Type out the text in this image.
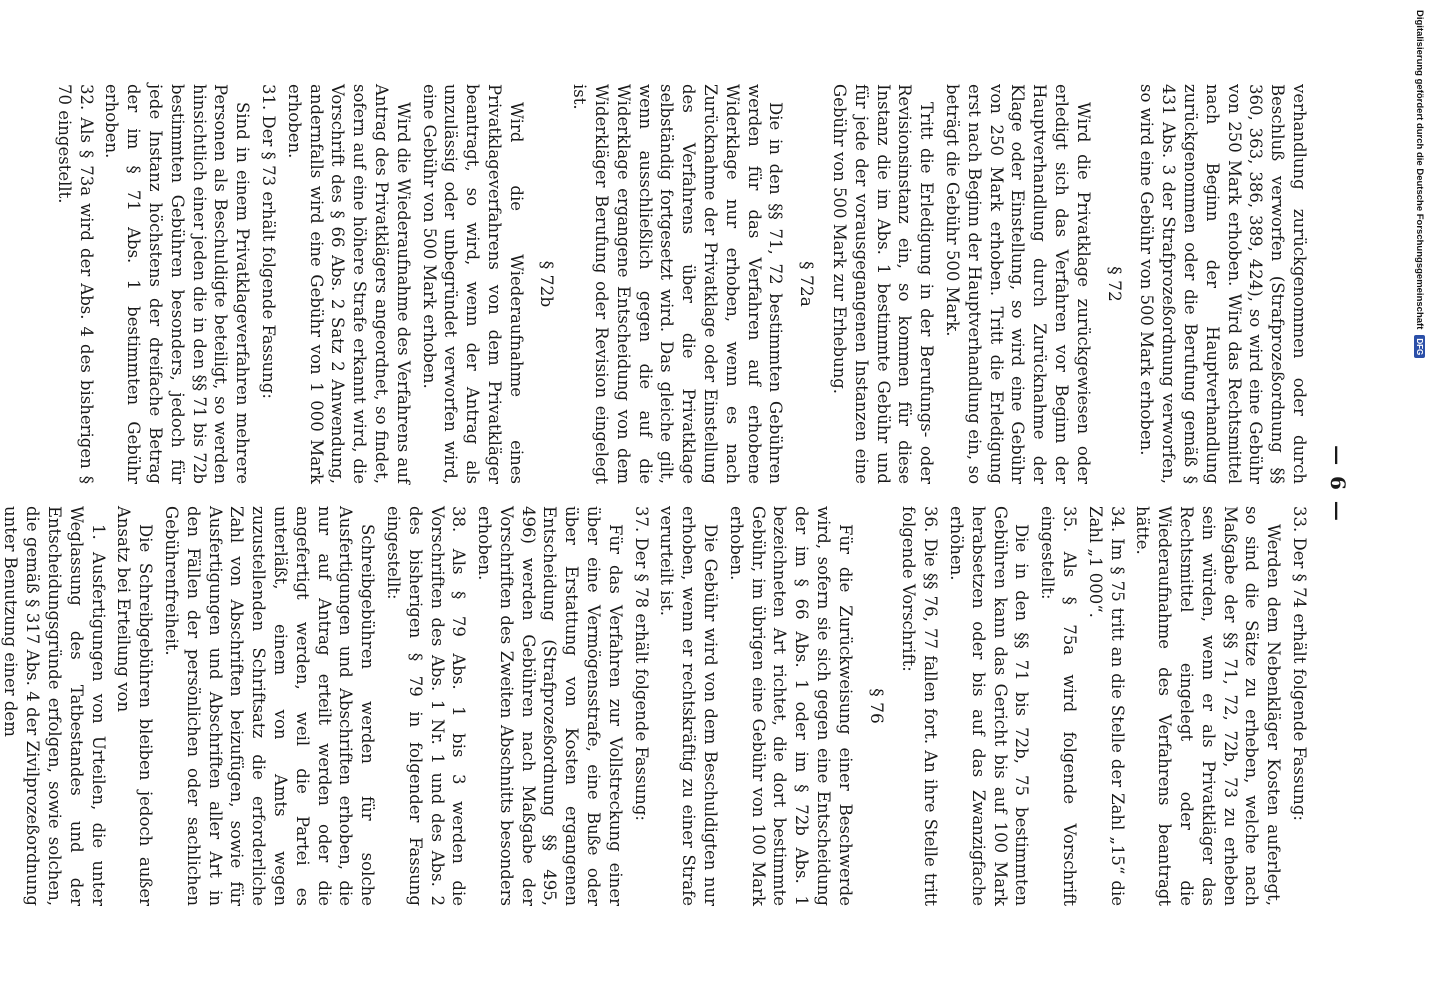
— 6 —

verhandlung zurückgenommen oder durch Beschluß verworfen (Strafprozeßordnung §§ 360, 363, 386, 389, 424), so wird eine Gebühr von 250 Mark erhoben. Wird das Rechtsmittel nach Beginn der Hauptverhandlung zurückgenommen oder die Berufung gemäß § 431 Abs. 3 der Strafprozeßordnung verworfen, so wird eine Gebühr von 500 Mark erhoben.

§ 72

Wird die Privatklage zurückgewiesen oder erledigt sich das Verfahren vor Beginn der Hauptverhandlung durch Zurücknahme der Klage oder Einstellung, so wird eine Gebühr von 250 Mark erhoben. Tritt die Erledigung erst nach Beginn der Hauptverhandlung ein, so beträgt die Gebühr 500 Mark.

Tritt die Erledigung in der Berufungs- oder Revisionsinstanz ein, so kommen für diese Instanz die im Abs. 1 bestimmte Gebühr und für jede der vorausgegangenen Instanzen eine Gebühr von 500 Mark zur Erhebung.

§ 72a

Die in den §§ 71, 72 bestimmten Gebühren werden für das Verfahren auf erhobene Widerklage nur erhoben, wenn es nach Zurücknahme der Privatklage oder Einstellung des Verfahrens über die Privatklage selbständig fortgesetzt wird. Das gleiche gilt, wenn ausschließlich gegen die auf die Widerklage ergangene Entscheidung von dem Widerkläger Berufung oder Revision eingelegt ist.

§ 72b

Wird die Wiederaufnahme eines Privatklageverfahrens von dem Privatkläger beantragt, so wird, wenn der Antrag als unzulässig oder unbegründet verworfen wird, eine Gebühr von 500 Mark erhoben.

Wird die Wiederaufnahme des Verfahrens auf Antrag des Privatklägers angeordnet, so findet, sofern auf eine höhere Strafe erkannt wird, die Vorschrift des § 66 Abs. 2 Satz 2 Anwendung, andernfalls wird eine Gebühr von 1 000 Mark erhoben.

31. Der § 73 erhält folgende Fassung:

Sind in einem Privatklageverfahren mehrere Personen als Beschuldigte beteiligt, so werden hinsichtlich einer jeden die in den §§ 71 bis 72b bestimmten Gebühren besonders, jedoch für jede Instanz höchstens der dreifache Betrag der im § 71 Abs. 1 bestimmten Gebühr erhoben.

32. Als § 73a wird der Abs. 4 des bisherigen § 70 eingestellt.

33. Der § 74 erhält folgende Fassung:

Werden dem Nebenkläger Kosten auferlegt, so sind die Sätze zu erheben, welche nach Maßgabe der §§ 71, 72, 72b, 73 zu erheben sein würden, wenn er als Privatkläger das Rechtsmittel eingelegt oder die Wiederaufnahme des Verfahrens beantragt hätte.

34. Im § 75 tritt an die Stelle der Zahl „15“ die Zahl „1 000“.

35. Als § 75a wird folgende Vorschrift eingestellt:

Die in den §§ 71 bis 72b, 75 bestimmten Gebühren kann das Gericht bis auf 100 Mark herabsetzen oder bis auf das Zwanzigfache erhöhen.

36. Die §§ 76, 77 fallen fort. An ihre Stelle tritt folgende Vorschrift:

§ 76

Für die Zurückweisung einer Beschwerde wird, sofern sie sich gegen eine Entscheidung der im § 66 Abs. 1 oder im § 72b Abs. 1 bezeichneten Art richtet, die dort bestimmte Gebühr, im übrigen eine Gebühr von 100 Mark erhoben.

Die Gebühr wird von dem Beschuldigten nur erhoben, wenn er rechtskräftig zu einer Strafe verurteilt ist.

37. Der § 78 erhält folgende Fassung:

Für das Verfahren zur Vollstreckung einer über eine Vermögensstrafe, eine Buße oder über Erstattung von Kosten ergangenen Entscheidung (Strafprozeßordnung §§ 495, 496) werden Gebühren nach Maßgabe der Vorschriften des Zweiten Abschnitts besonders erhoben.

38. Als § 79 Abs. 1 bis 3 werden die Vorschriften des Abs. 1 Nr. 1 und des Abs. 2 des bisherigen § 79 in folgender Fassung eingestellt:

Schreibgebühren werden für solche Ausfertigungen und Abschriften erhoben, die nur auf Antrag erteilt werden oder die angefertigt werden, weil die Partei es unterläßt, einem von Amts wegen zuzustellenden Schriftsatz die erforderliche Zahl von Abschriften beizufügen, sowie für Ausfertigungen und Abschriften aller Art in den Fällen der persönlichen oder sachlichen Gebührenfreiheit.

Die Schreibgebühren bleiben jedoch außer Ansatz bei Erteilung von

1. Ausfertigungen von Urteilen, die unter Weglassung des Tatbestandes und der Entscheidungsgründe erfolgen, sowie solchen, die gemäß § 317 Abs. 4 der Zivilprozeßordnung unter Benutzung einer dem

Digitalisierung gefördert durch die Deutsche Forschungsgemeinschaft
DFG
